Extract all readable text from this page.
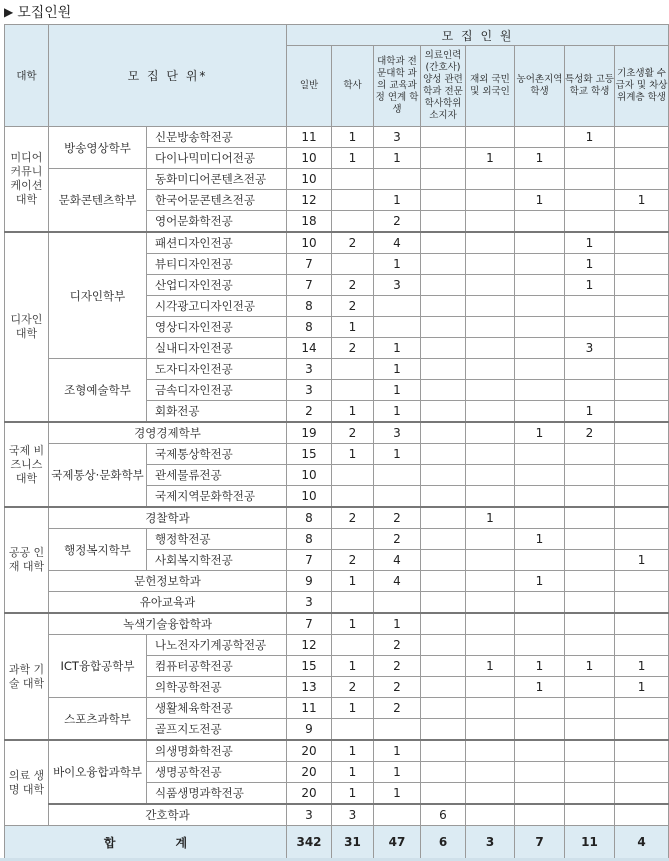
▶ 모집인원
대학	모 집 단 위*		모 집 인 원							
			일반	학사	대학과 전문대학 과의 교육과정 연계 학생	의료인력 (간호사) 양성 관련학과 전문 학사학위 소지자	재외 국민 및 외국인	농어촌지역 학생	특성화 고등학교 학생	기초생활 수급자 및 차상위계층 학생
미디어 커뮤니 케이션 대학	방송영상학부	신문방송학전공	11	1	3				1	
		다이나믹미디어전공	10	1	1		1	1		
	문화콘텐츠학부	동화미디어콘텐츠전공	10							
		한국어문콘텐츠전공	12		1			1		1
		영어문화학전공	18		2					
디자인 대학	디자인학부	패션디자인전공	10	2	4				1	
		뷰티디자인전공	7		1				1	
		산업디자인전공	7	2	3				1	
		시각광고디자인전공	8	2						
		영상디자인전공	8	1						
		실내디자인전공	14	2	1				3	
	조형예술학부	도자디자인전공	3		1					
		금속디자인전공	3		1					
		회화전공	2	1	1				1	
국제 비즈니스 대학	경영경제학부		19	2	3			1	2	
	국제통상·문화학부	국제통상학전공	15	1	1					
		관세물류전공	10							
		국제지역문화학전공	10							
공공 인재 대학	경찰학과		8	2	2		1			
	행정복지학부	행정학전공	8		2			1		
		사회복지학전공	7	2	4					1
	문헌정보학과		9	1	4			1		
	유아교육과		3							
과학 기술 대학	녹색기술융합학과		7	1	1					
	ICT융합공학부	나노전자기계공학전공	12		2					
		컴퓨터공학전공	15	1	2		1	1	1	1
		의학공학전공	13	2	2			1		1
	스포츠과학부	생활체육학전공	11	1	2					
		골프지도전공	9							
의료 생명 대학	바이오융합과학부	의생명화학전공	20	1	1					
		생명공학전공	20	1	1					
		식품생명과학전공	20	1	1					
	간호학과		3	3		6				
합 계			342	31	47	6	3	7	11	4
